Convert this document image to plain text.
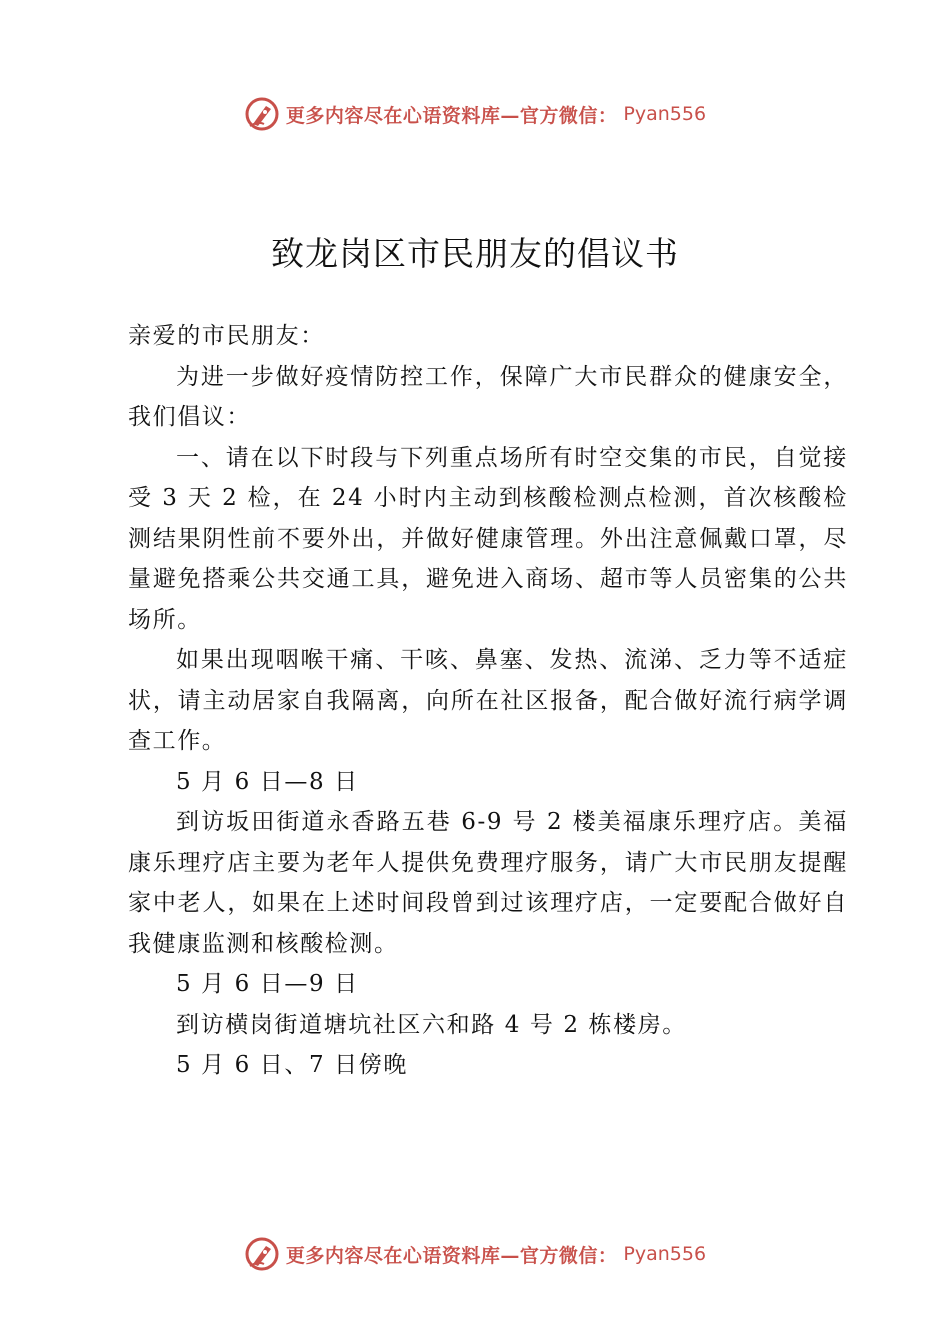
更多内容尽在心语资料库—官方微信： Pyan556
致龙岗区市民朋友的倡议书

亲爱的市民朋友：

为进一步做好疫情防控工作，保障广大市民群众的健康安全，我们倡议：

一、请在以下时段与下列重点场所有时空交集的市民，自觉接受 3 天 2 检，在 24 小时内主动到核酸检测点检测，首次核酸检测结果阴性前不要外出，并做好健康管理。外出注意佩戴口罩，尽量避免搭乘公共交通工具，避免进入商场、超市等人员密集的公共场所。

如果出现咽喉干痛、干咳、鼻塞、发热、流涕、乏力等不适症状，请主动居家自我隔离，向所在社区报备，配合做好流行病学调查工作。

5 月 6 日—8 日

到访坂田街道永香路五巷 6-9 号 2 楼美福康乐理疗店。美福康乐理疗店主要为老年人提供免费理疗服务，请广大市民朋友提醒家中老人，如果在上述时间段曾到过该理疗店，一定要配合做好自我健康监测和核酸检测。

5 月 6 日—9 日

到访横岗街道塘坑社区六和路 4 号 2 栋楼房。

5 月 6 日、7 日傍晚

更多内容尽在心语资料库—官方微信： Pyan556
